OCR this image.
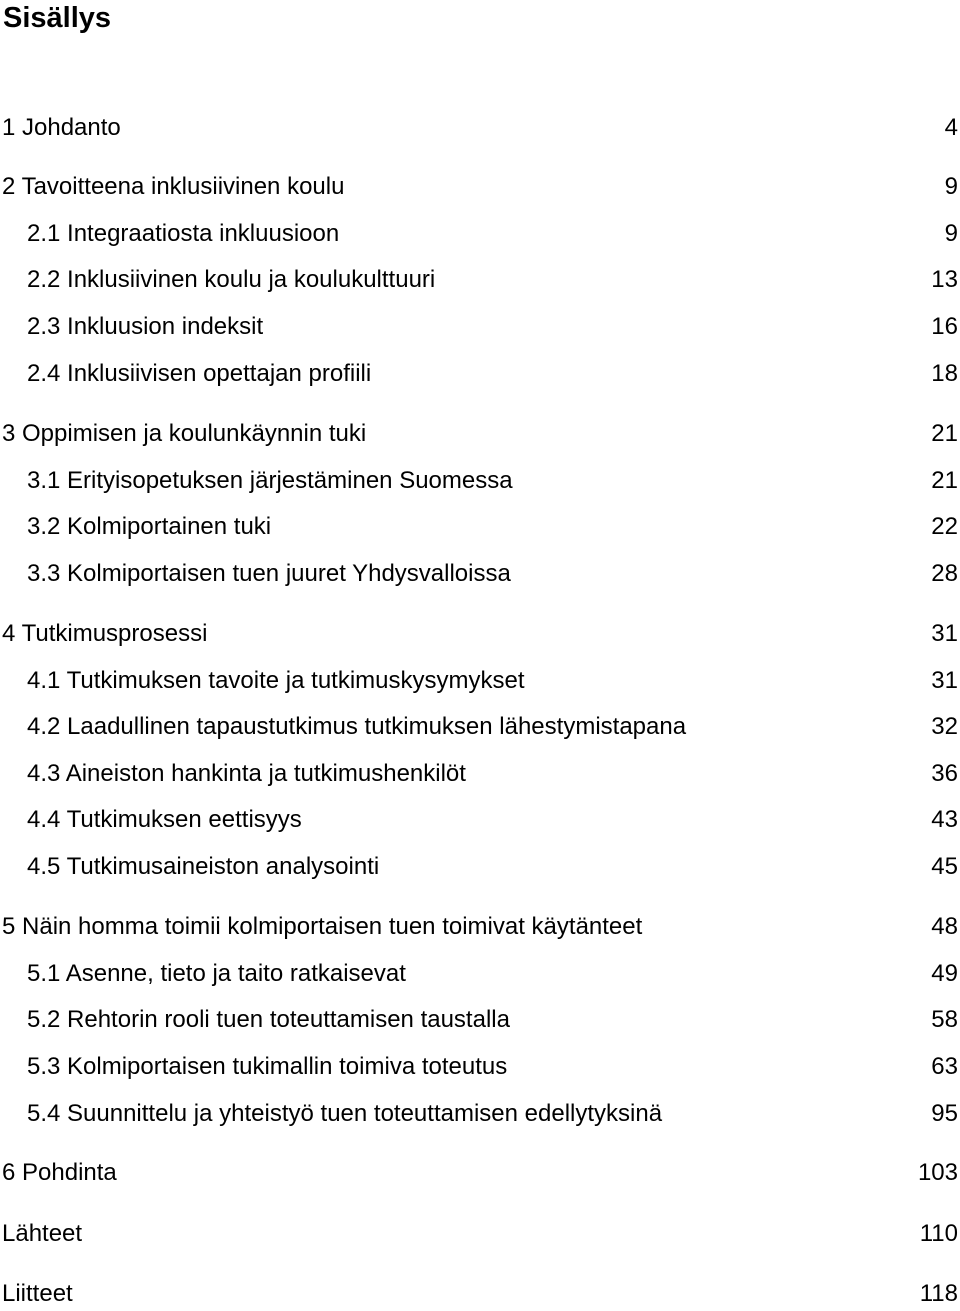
Sisällys
1 Johdanto	4
2 Tavoitteena inklusiivinen koulu	9
2.1 Integraatiosta inkluusioon	9
2.2 Inklusiivinen koulu ja koulukulttuuri	13
2.3 Inkluusion indeksit	16
2.4 Inklusiivisen opettajan profiili	18
3 Oppimisen ja koulunkäynnin tuki	21
3.1 Erityisopetuksen järjestäminen Suomessa	21
3.2 Kolmiportainen tuki	22
3.3 Kolmiportaisen tuen juuret Yhdysvalloissa	28
4 Tutkimusprosessi	31
4.1 Tutkimuksen tavoite ja tutkimuskysymykset	31
4.2 Laadullinen tapaustutkimus tutkimuksen lähestymistapana	32
4.3 Aineiston hankinta ja tutkimushenkilöt	36
4.4 Tutkimuksen eettisyys	43
4.5 Tutkimusaineiston analysointi	45
5 Näin homma toimii kolmiportaisen tuen toimivat käytänteet	48
5.1 Asenne, tieto ja taito ratkaisevat	49
5.2 Rehtorin rooli tuen toteuttamisen taustalla	58
5.3 Kolmiportaisen tukimallin toimiva toteutus	63
5.4 Suunnittelu ja yhteistyö tuen toteuttamisen edellytyksinä	95
6 Pohdinta	103
Lähteet	110
Liitteet	118
